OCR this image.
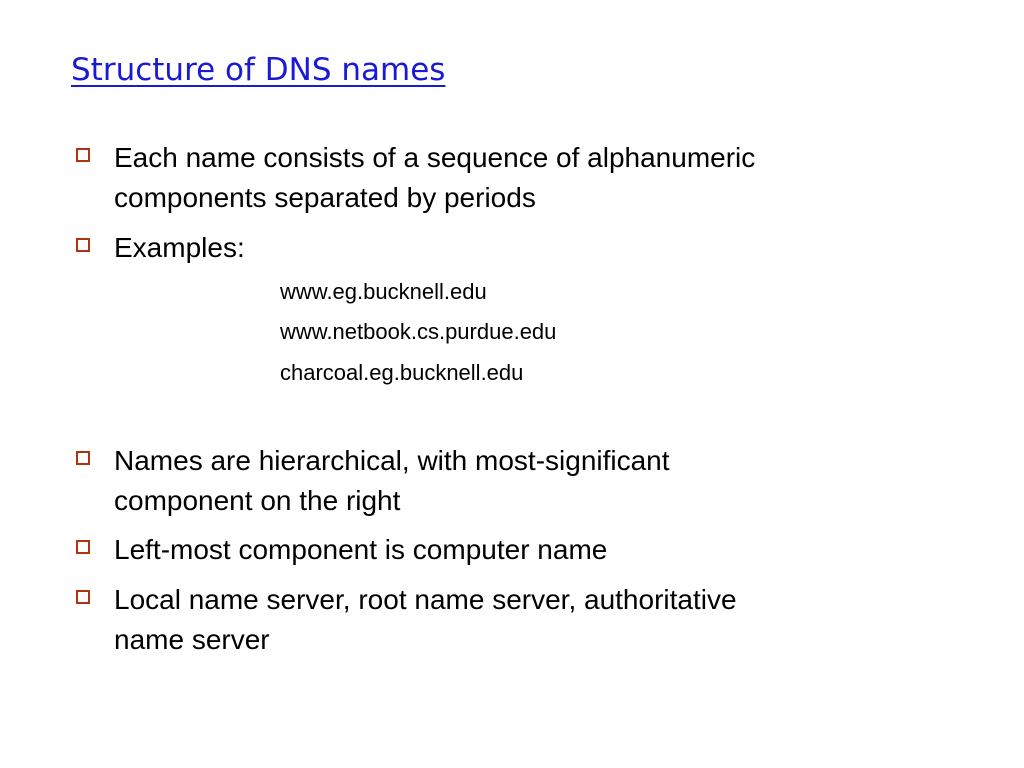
Structure of DNS names
Each name consists of a sequence of alphanumeric
components separated by periods
Examples:
www.eg.bucknell.edu
www.netbook.cs.purdue.edu
charcoal.eg.bucknell.edu
Names are hierarchical, with most-significant
component on the right
Left-most component is computer name
Local name server, root name server, authoritative
name server
